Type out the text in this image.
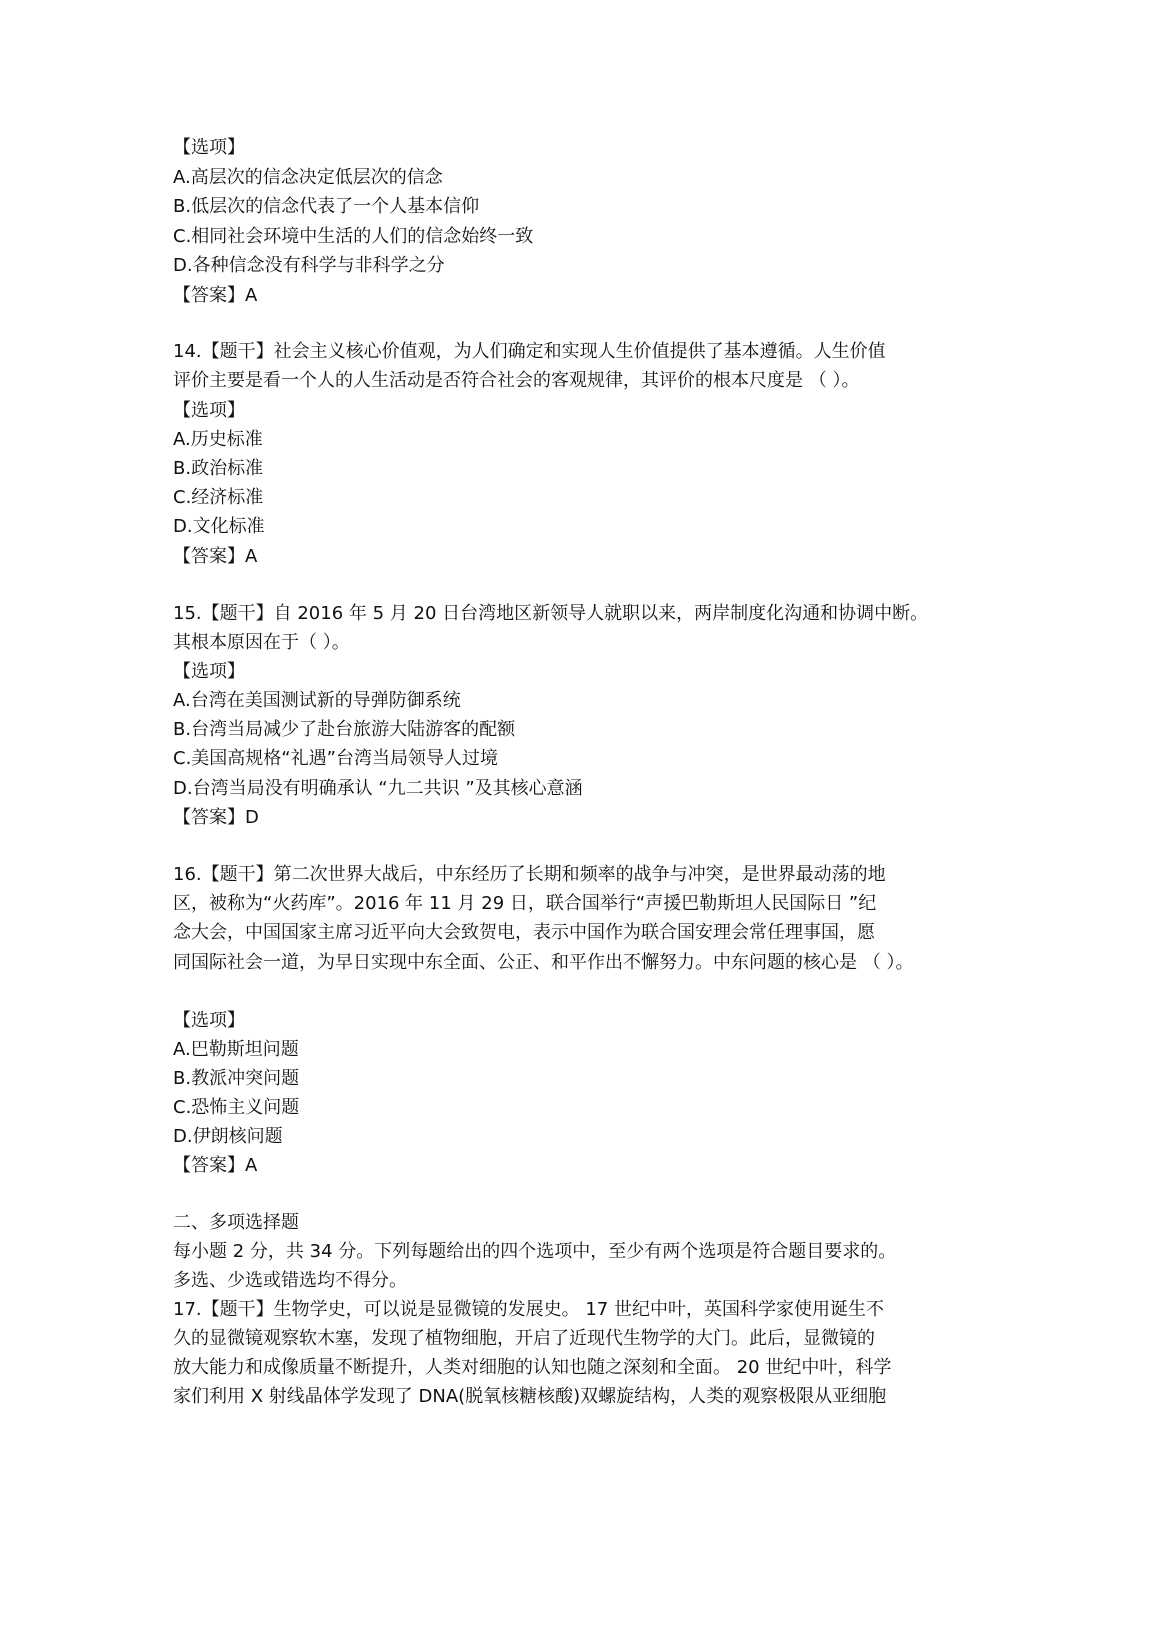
【选项】
A.高层次的信念决定低层次的信念
B.低层次的信念代表了一个人基本信仰
C.相同社会环境中生活的人们的信念始终一致
D.各种信念没有科学与非科学之分
【答案】A
14.【题干】社会主义核心价值观，为人们确定和实现人生价值提供了基本遵循。人生价值
评价主要是看一个人的人生活动是否符合社会的客观规律，其评价的根本尺度是 （ ）。
【选项】
A.历史标准
B.政治标准
C.经济标准
D.文化标准
【答案】A
15.【题干】自 2016 年 5 月 20 日台湾地区新领导人就职以来，两岸制度化沟通和协调中断。
其根本原因在于（ ）。
【选项】
A.台湾在美国测试新的导弹防御系统
B.台湾当局减少了赴台旅游大陆游客的配额
C.美国高规格“礼遇”台湾当局领导人过境
D.台湾当局没有明确承认 “九二共识 ”及其核心意涵
【答案】D
16.【题干】第二次世界大战后，中东经历了长期和频率的战争与冲突，是世界最动荡的地
区，被称为“火药库”。2016 年 11 月 29 日，联合国举行“声援巴勒斯坦人民国际日 ”纪
念大会，中国国家主席习近平向大会致贺电，表示中国作为联合国安理会常任理事国，愿
同国际社会一道，为早日实现中东全面、公正、和平作出不懈努力。中东问题的核心是 （ ）。
【选项】
A.巴勒斯坦问题
B.教派冲突问题
C.恐怖主义问题
D.伊朗核问题
【答案】A
二、多项选择题
每小题 2 分，共 34 分。下列每题给出的四个选项中，至少有两个选项是符合题目要求的。
多选、少选或错选均不得分。
17.【题干】生物学史，可以说是显微镜的发展史。 17 世纪中叶，英国科学家使用诞生不
久的显微镜观察软木塞，发现了植物细胞，开启了近现代生物学的大门。此后，显微镜的
放大能力和成像质量不断提升，人类对细胞的认知也随之深刻和全面。 20 世纪中叶，科学
家们利用 X 射线晶体学发现了 DNA(脱氧核糖核酸)双螺旋结构，人类的观察极限从亚细胞
